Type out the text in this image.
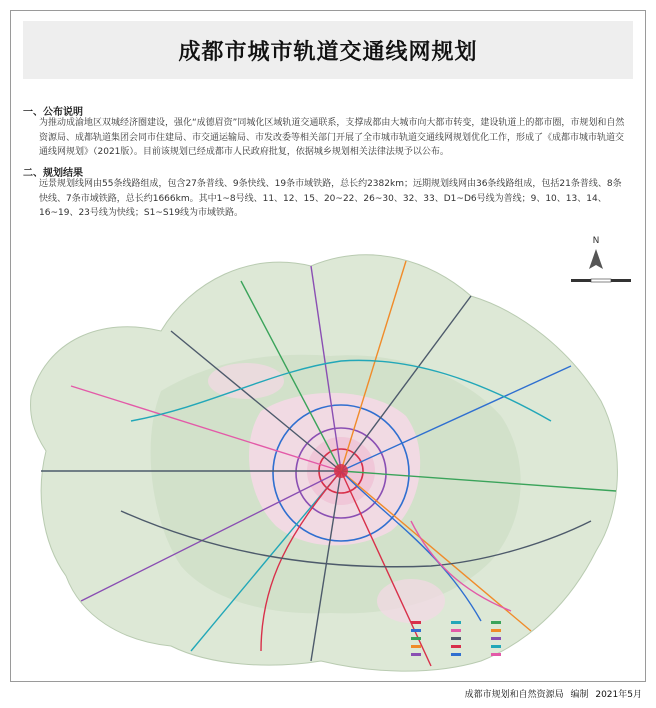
成都市城市轨道交通线网规划
一、公布说明

为推动成渝地区双城经济圈建设，强化“成德眉资”同城化区域轨道交通联系，支撑成都由大城市向大都市转变，建设轨道上的都市圈，市规划和自然资源局、成都轨道集团会同市住建局、市交通运输局、市发改委等相关部门开展了全市城市轨道交通线网规划优化工作，形成了《成都市城市轨道交通线网规划》（2021版）。目前该规划已经成都市人民政府批复，依据城乡规划相关法律法规予以公布。

二、规划结果

远景规划线网由55条线路组成，包含27条普线、9条快线、19条市域铁路，总长约2382km；远期规划线网由36条线路组成，包括21条普线、8条快线、7条市域铁路，总长约1666km。其中1~8号线、11、12、15、20~22、26~30、32、33、D1~D6号线为普线；9、10、13、14、16~19、23号线为快线；S1~S19线为市域铁路。

N
成都市规划和自然资源局 编制 2021年5月
